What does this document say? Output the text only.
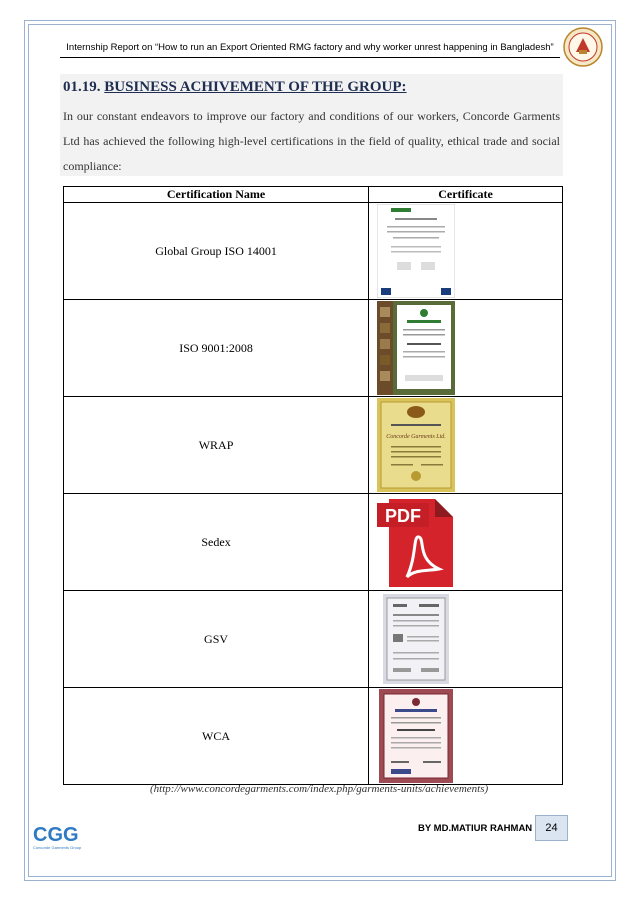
Internship Report on “How to run an Export Oriented RMG factory and why worker unrest happening in Bangladesh”
01.19. BUSINESS ACHIVEMENT OF THE GROUP:
In our constant endeavors to improve our factory and conditions of our workers, Concorde Garments Ltd has achieved the following high-level certifications in the field of quality, ethical trade and social compliance:
Certification Name	Certificate
Global Group ISO 14001	

ISO 9001:2008	

WRAP	Concorde Garments Ltd.

Sedex	PDF

GSV	

WCA	
(http://www.concordegarments.com/index.php/garments-units/achievements)
CGG
Concorde Garments Group
BY MD.MATIUR RAHMAN	24
